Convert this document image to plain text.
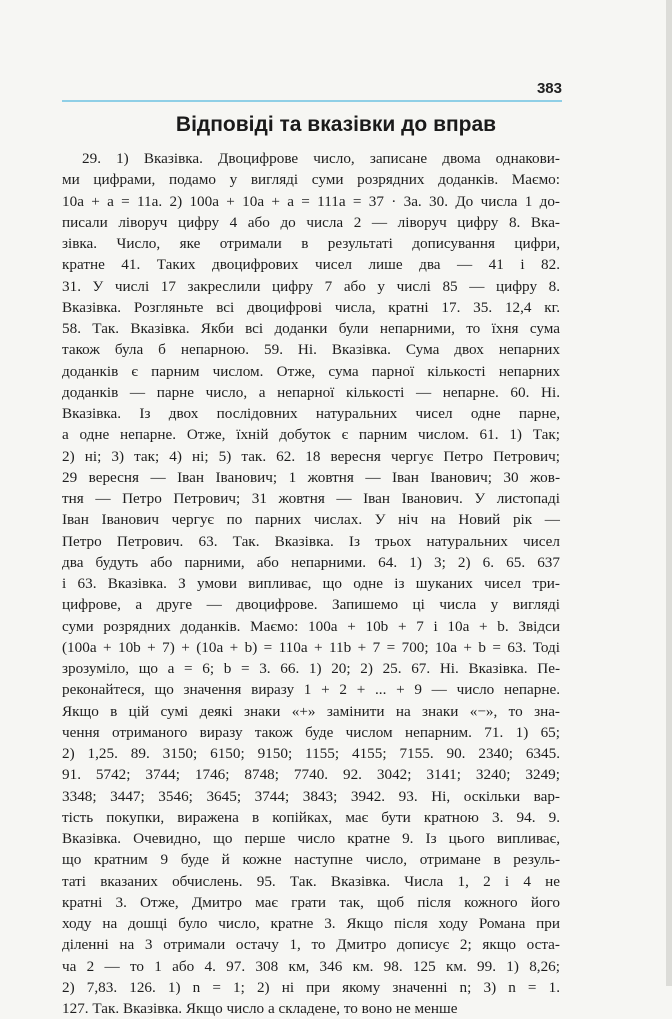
383
Відповіді та вказівки до вправ
29. 1) Вказівка. Двоцифрове число, записане двома однакови-
ми цифрами, подамо у вигляді суми розрядних доданків. Маємо:
10a + a = 11a. 2) 100a + 10a + a = 111a = 37 · 3a. 30. До числа 1 до-
писали ліворуч цифру 4 або до числа 2 — ліворуч цифру 8. Вка-
зівка. Число, яке отримали в результаті дописування цифри,
кратне 41. Таких двоцифрових чисел лише два — 41 і 82.
31. У числі 17 закреслили цифру 7 або у числі 85 — цифру 8.
Вказівка. Розгляньте всі двоцифрові числа, кратні 17. 35. 12,4 кг.
58. Так. Вказівка. Якби всі доданки були непарними, то їхня сума
також була б непарною. 59. Ні. Вказівка. Сума двох непарних
доданків є парним числом. Отже, сума парної кількості непарних
доданків — парне число, а непарної кількості — непарне. 60. Ні.
Вказівка. Із двох послідовних натуральних чисел одне парне,
а одне непарне. Отже, їхній добуток є парним числом. 61. 1) Так;
2) ні; 3) так; 4) ні; 5) так. 62. 18 вересня чергує Петро Петрович;
29 вересня — Іван Іванович; 1 жовтня — Іван Іванович; 30 жов-
тня — Петро Петрович; 31 жовтня — Іван Іванович. У листопаді
Іван Іванович чергує по парних числах. У ніч на Новий рік —
Петро Петрович. 63. Так. Вказівка. Із трьох натуральних чисел
два будуть або парними, або непарними. 64. 1) 3; 2) 6. 65. 637
і 63. Вказівка. З умови випливає, що одне із шуканих чисел три-
цифрове, а друге — двоцифрове. Запишемо ці числа у вигляді
суми розрядних доданків. Маємо: 100a + 10b + 7 і 10a + b. Звідси
(100a + 10b + 7) + (10a + b) = 110a + 11b + 7 = 700; 10a + b = 63. Тоді
зрозуміло, що a = 6; b = 3. 66. 1) 20; 2) 25. 67. Ні. Вказівка. Пе-
реконайтеся, що значення виразу 1 + 2 + ... + 9 — число непарне.
Якщо в цій сумі деякі знаки «+» замінити на знаки «−», то зна-
чення отриманого виразу також буде числом непарним. 71. 1) 65;
2) 1,25. 89. 3150; 6150; 9150; 1155; 4155; 7155. 90. 2340; 6345.
91. 5742; 3744; 1746; 8748; 7740. 92. 3042; 3141; 3240; 3249;
3348; 3447; 3546; 3645; 3744; 3843; 3942. 93. Ні, оскільки вар-
тість покупки, виражена в копійках, має бути кратною 3. 94. 9.
Вказівка. Очевидно, що перше число кратне 9. Із цього випливає,
що кратним 9 буде й кожне наступне число, отримане в резуль-
таті вказаних обчислень. 95. Так. Вказівка. Числа 1, 2 і 4 не
кратні 3. Отже, Дмитро має грати так, щоб після кожного його
ходу на дошці було число, кратне 3. Якщо після ходу Романа при
діленні на 3 отримали остачу 1, то Дмитро дописує 2; якщо оста-
ча 2 — то 1 або 4. 97. 308 км, 346 км. 98. 125 км. 99. 1) 8,26;
2) 7,83. 126. 1) n = 1; 2) ні при якому значенні n; 3) n = 1.
127. Так. Вказівка. Якщо число a складене, то воно не менше
